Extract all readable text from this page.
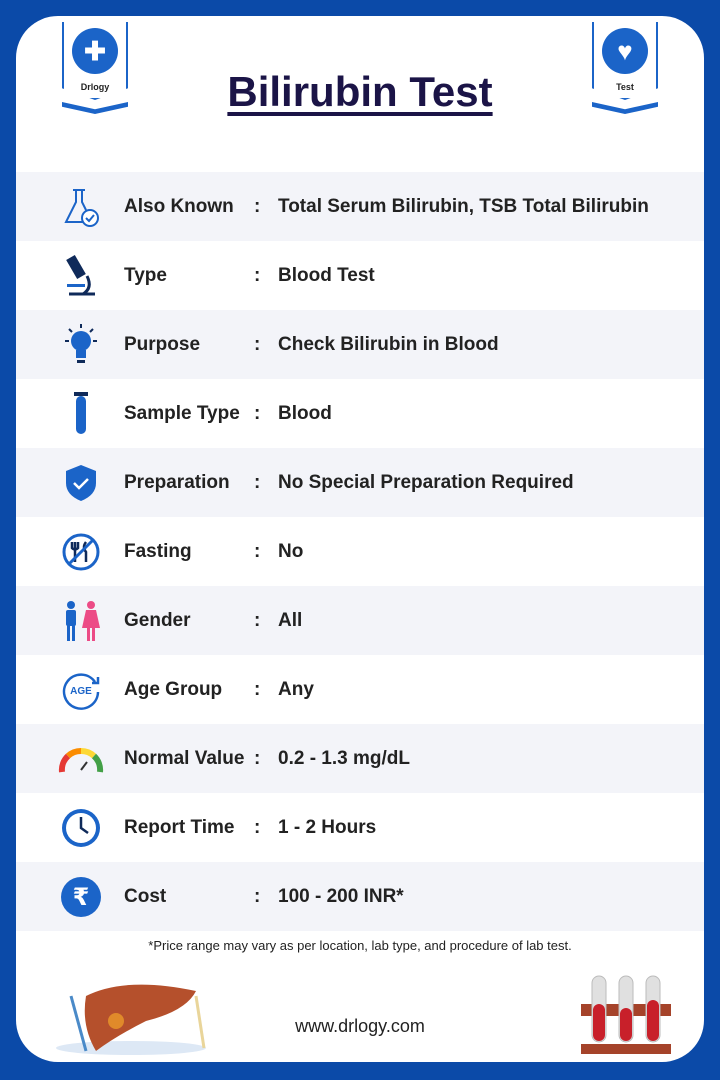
✚
Drlogy
♥
Test
Bilirubin Test
Also Known	: Total Serum Bilirubin, TSB Total Bilirubin
Type	: Blood Test
Purpose	: Check Bilirubin in Blood
Sample Type : Blood
Preparation	: No Special Preparation Required
Fasting	: No
Gender	: All
AGE Age Group	: Any
Normal Value : 0.2 - 1.3 mg/dL
Report Time	: 1 - 2 Hours
₹ Cost	: 100 - 200 INR*
*Price range may vary as per location, lab type, and procedure of lab test.
www.drlogy.com
